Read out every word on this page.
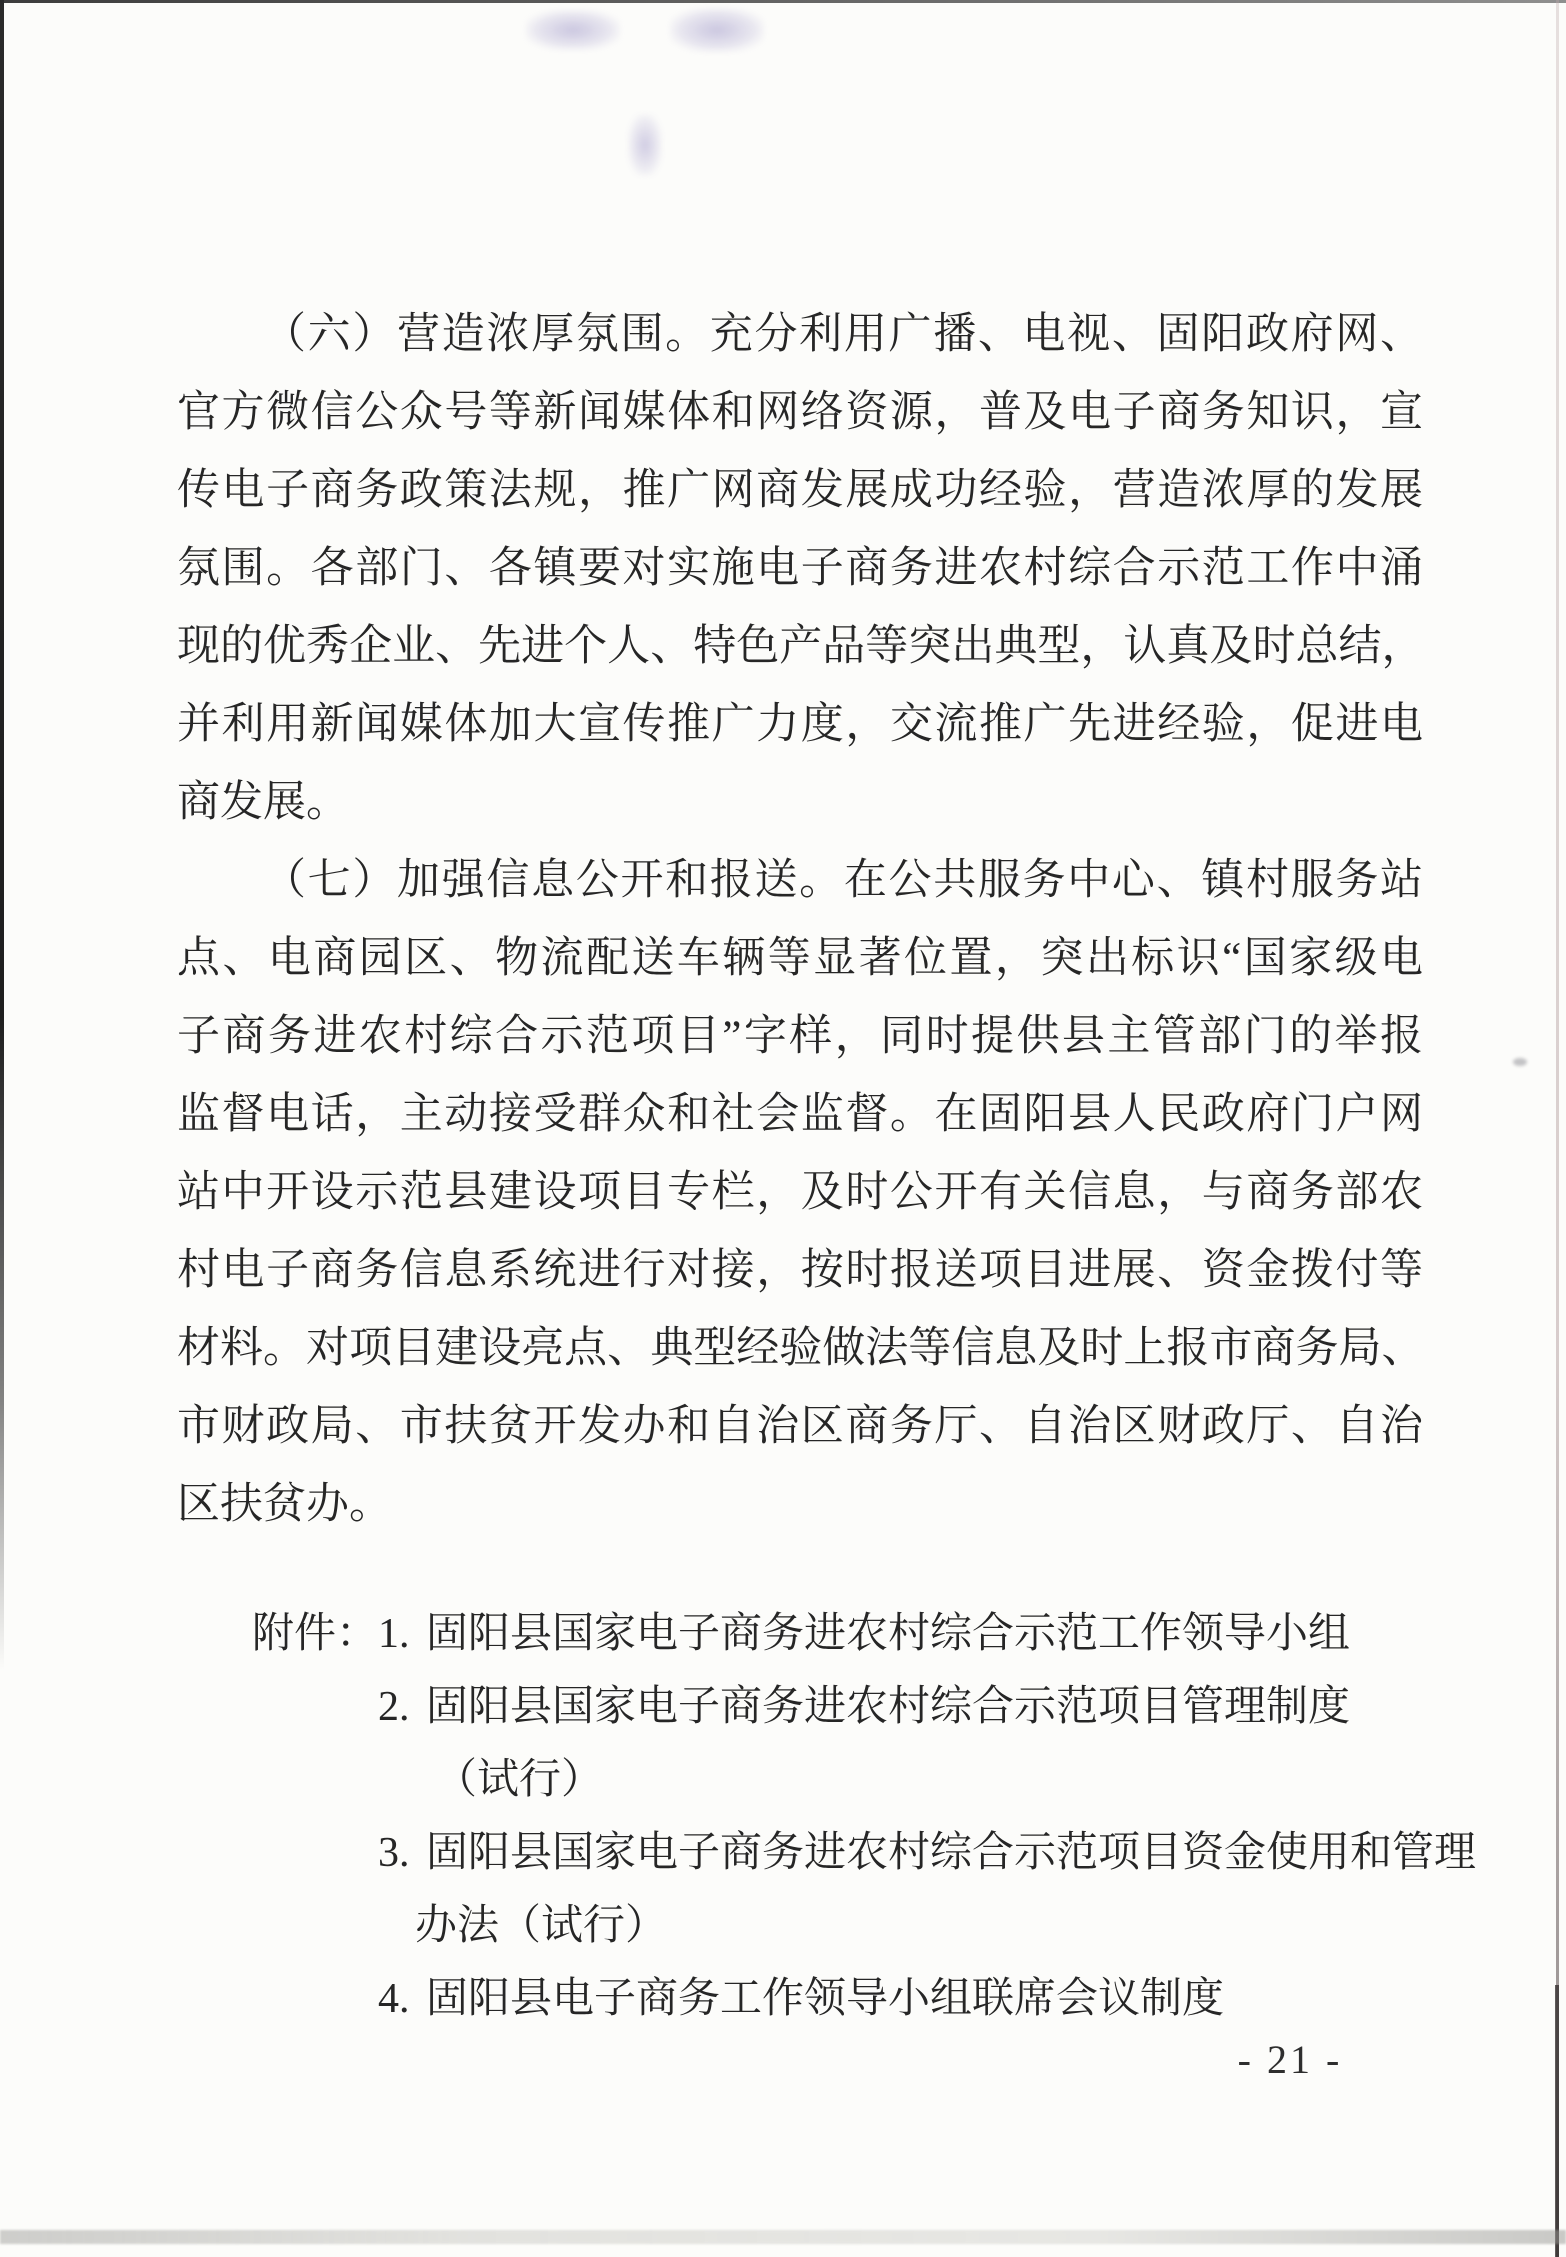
（六）营造浓厚氛围。充分利用广播、电视、固阳政府网、
官方微信公众号等新闻媒体和网络资源，普及电子商务知识，宣
传电子商务政策法规，推广网商发展成功经验，营造浓厚的发展
氛围。各部门、各镇要对实施电子商务进农村综合示范工作中涌
现的优秀企业、先进个人、特色产品等突出典型，认真及时总结，
并利用新闻媒体加大宣传推广力度，交流推广先进经验，促进电
商发展。
（七）加强信息公开和报送。在公共服务中心、镇村服务站
点、电商园区、物流配送车辆等显著位置，突出标识“国家级电
子商务进农村综合示范项目”字样，同时提供县主管部门的举报
监督电话，主动接受群众和社会监督。在固阳县人民政府门户网
站中开设示范县建设项目专栏，及时公开有关信息，与商务部农
村电子商务信息系统进行对接，按时报送项目进展、资金拨付等
材料。对项目建设亮点、典型经验做法等信息及时上报市商务局、
市财政局、市扶贫开发办和自治区商务厅、自治区财政厅、自治
区扶贫办。
附件： 1. 固阳县国家电子商务进农村综合示范工作领导小组
2. 固阳县国家电子商务进农村综合示范项目管理制度
（试行）
3. 固阳县国家电子商务进农村综合示范项目资金使用和管理
办法（试行）
4. 固阳县电子商务工作领导小组联席会议制度
- 21 -
